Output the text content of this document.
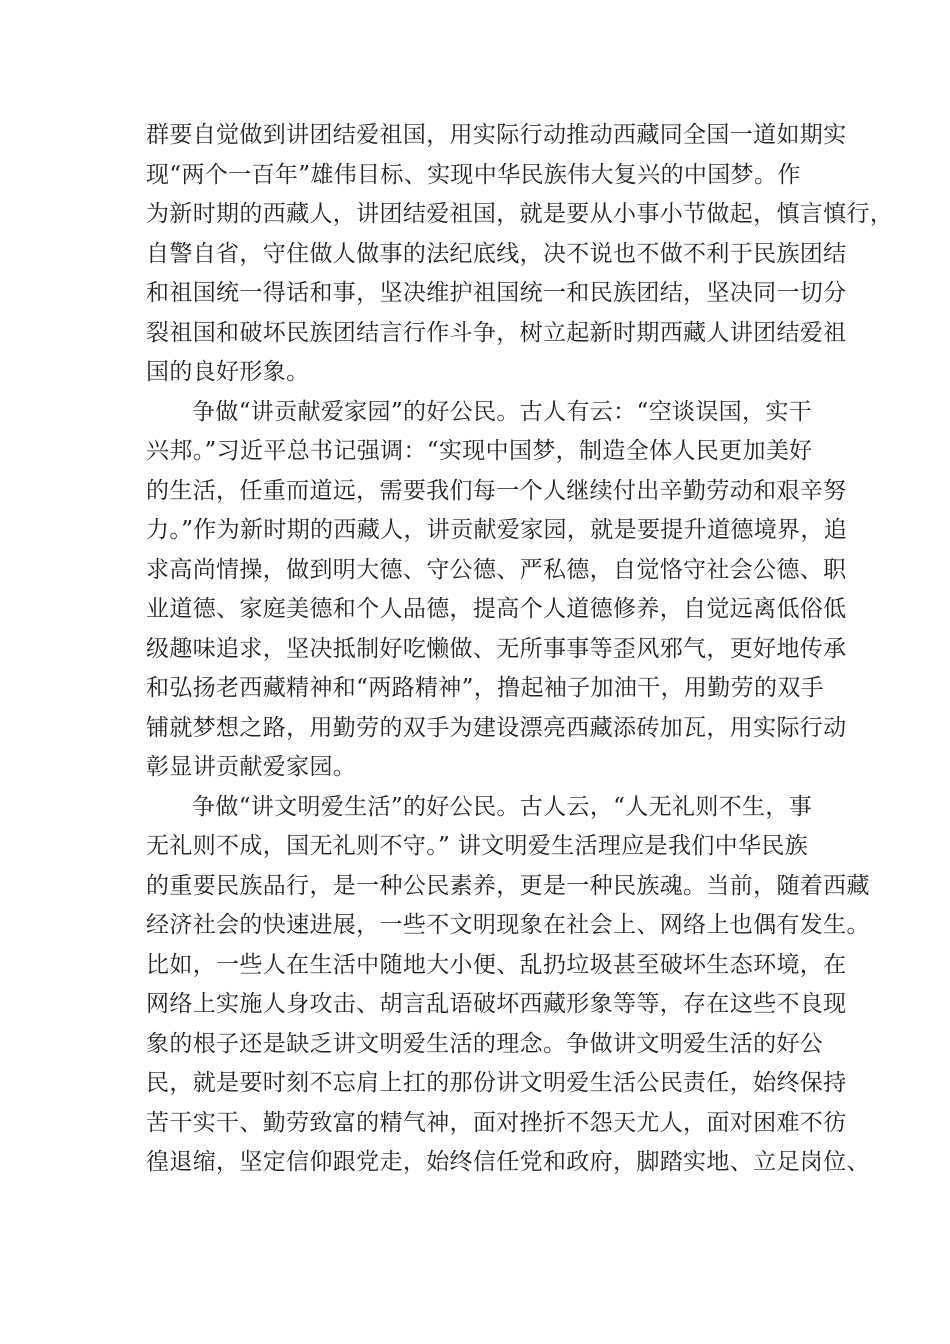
群要自觉做到讲团结爱祖国，用实际行动推动西藏同全国一道如期实
现“两个一百年”雄伟目标、实现中华民族伟大复兴的中国梦。作
为新时期的西藏人，讲团结爱祖国，就是要从小事小节做起，慎言慎行，
自警自省，守住做人做事的法纪底线，决不说也不做不利于民族团结
和祖国统一得话和事，坚决维护祖国统一和民族团结，坚决同一切分
裂祖国和破坏民族团结言行作斗争，树立起新时期西藏人讲团结爱祖
国的良好形象。
争做“讲贡献爱家园”的好公民。古人有云：“空谈误国，实干
兴邦。”习近平总书记强调：“实现中国梦，制造全体人民更加美好
的生活，任重而道远，需要我们每一个人继续付出辛勤劳动和艰辛努
力。”作为新时期的西藏人，讲贡献爱家园，就是要提升道德境界，追
求高尚情操，做到明大德、守公德、严私德，自觉恪守社会公德、职
业道德、家庭美德和个人品德，提高个人道德修养，自觉远离低俗低
级趣味追求，坚决抵制好吃懒做、无所事事等歪风邪气，更好地传承
和弘扬老西藏精神和“两路精神”，撸起袖子加油干，用勤劳的双手
铺就梦想之路，用勤劳的双手为建设漂亮西藏添砖加瓦，用实际行动
彰显讲贡献爱家园。
争做“讲文明爱生活”的好公民。古人云，“人无礼则不生，事
无礼则不成，国无礼则不守。” 讲文明爱生活理应是我们中华民族
的重要民族品行，是一种公民素养，更是一种民族魂。当前，随着西藏
经济社会的快速进展，一些不文明现象在社会上、网络上也偶有发生。
比如，一些人在生活中随地大小便、乱扔垃圾甚至破坏生态环境，在
网络上实施人身攻击、胡言乱语破坏西藏形象等等，存在这些不良现
象的根子还是缺乏讲文明爱生活的理念。争做讲文明爱生活的好公
民，就是要时刻不忘肩上扛的那份讲文明爱生活公民责任，始终保持
苦干实干、勤劳致富的精气神，面对挫折不怨天尤人，面对困难不彷
徨退缩，坚定信仰跟党走，始终信任党和政府，脚踏实地、立足岗位、
